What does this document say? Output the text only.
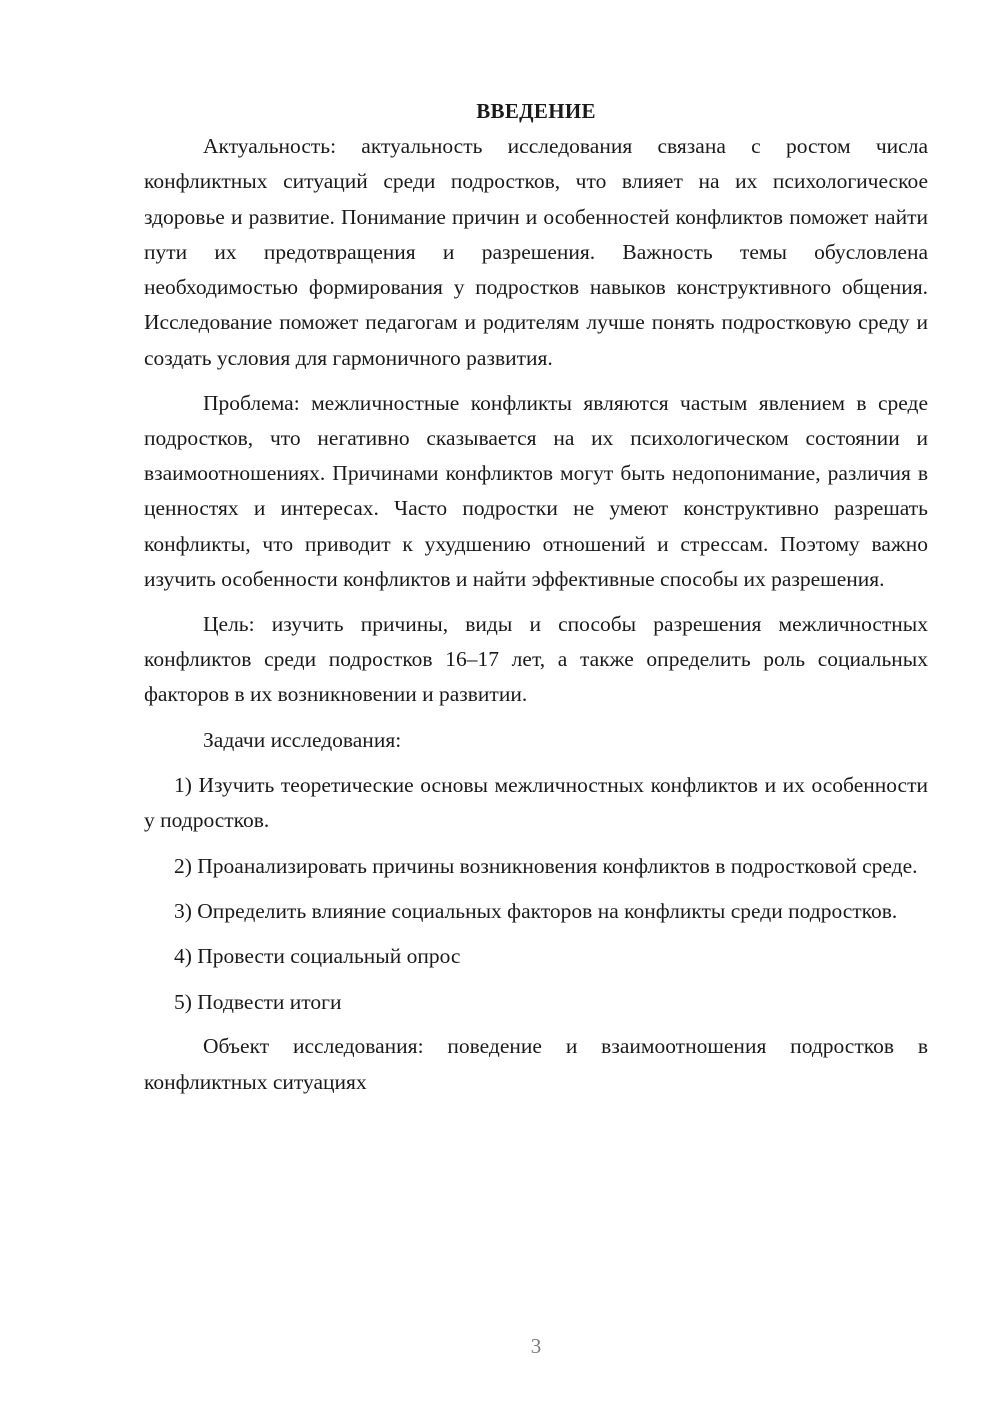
ВВЕДЕНИЕ

Актуальность: актуальность исследования связана с ростом числа конфликтных ситуаций среди подростков, что влияет на их психологическое здоровье и развитие. Понимание причин и особенностей конфликтов поможет найти пути их предотвращения и разрешения. Важность темы обусловлена необходимостью формирования у подростков навыков конструктивного общения. Исследование поможет педагогам и родителям лучше понять подростковую среду и создать условия для гармоничного развития.

Проблема: межличностные конфликты являются частым явлением в среде подростков, что негативно сказывается на их психологическом состоянии и взаимоотношениях. Причинами конфликтов могут быть недопонимание, различия в ценностях и интересах. Часто подростки не умеют конструктивно разрешать конфликты, что приводит к ухудшению отношений и стрессам. Поэтому важно изучить особенности конфликтов и найти эффективные способы их разрешения.

Цель: изучить причины, виды и способы разрешения межличностных конфликтов среди подростков 16–17 лет, а также определить роль социальных факторов в их возникновении и развитии.

Задачи исследования:

1) Изучить теоретические основы межличностных конфликтов и их особенности у подростков.

2) Проанализировать причины возникновения конфликтов в подростковой среде.

3) Определить влияние социальных факторов на конфликты среди подростков.

4) Провести социальный опрос

5) Подвести итоги

Объект исследования: поведение и взаимоотношения подростков в конфликтных ситуациях

3
